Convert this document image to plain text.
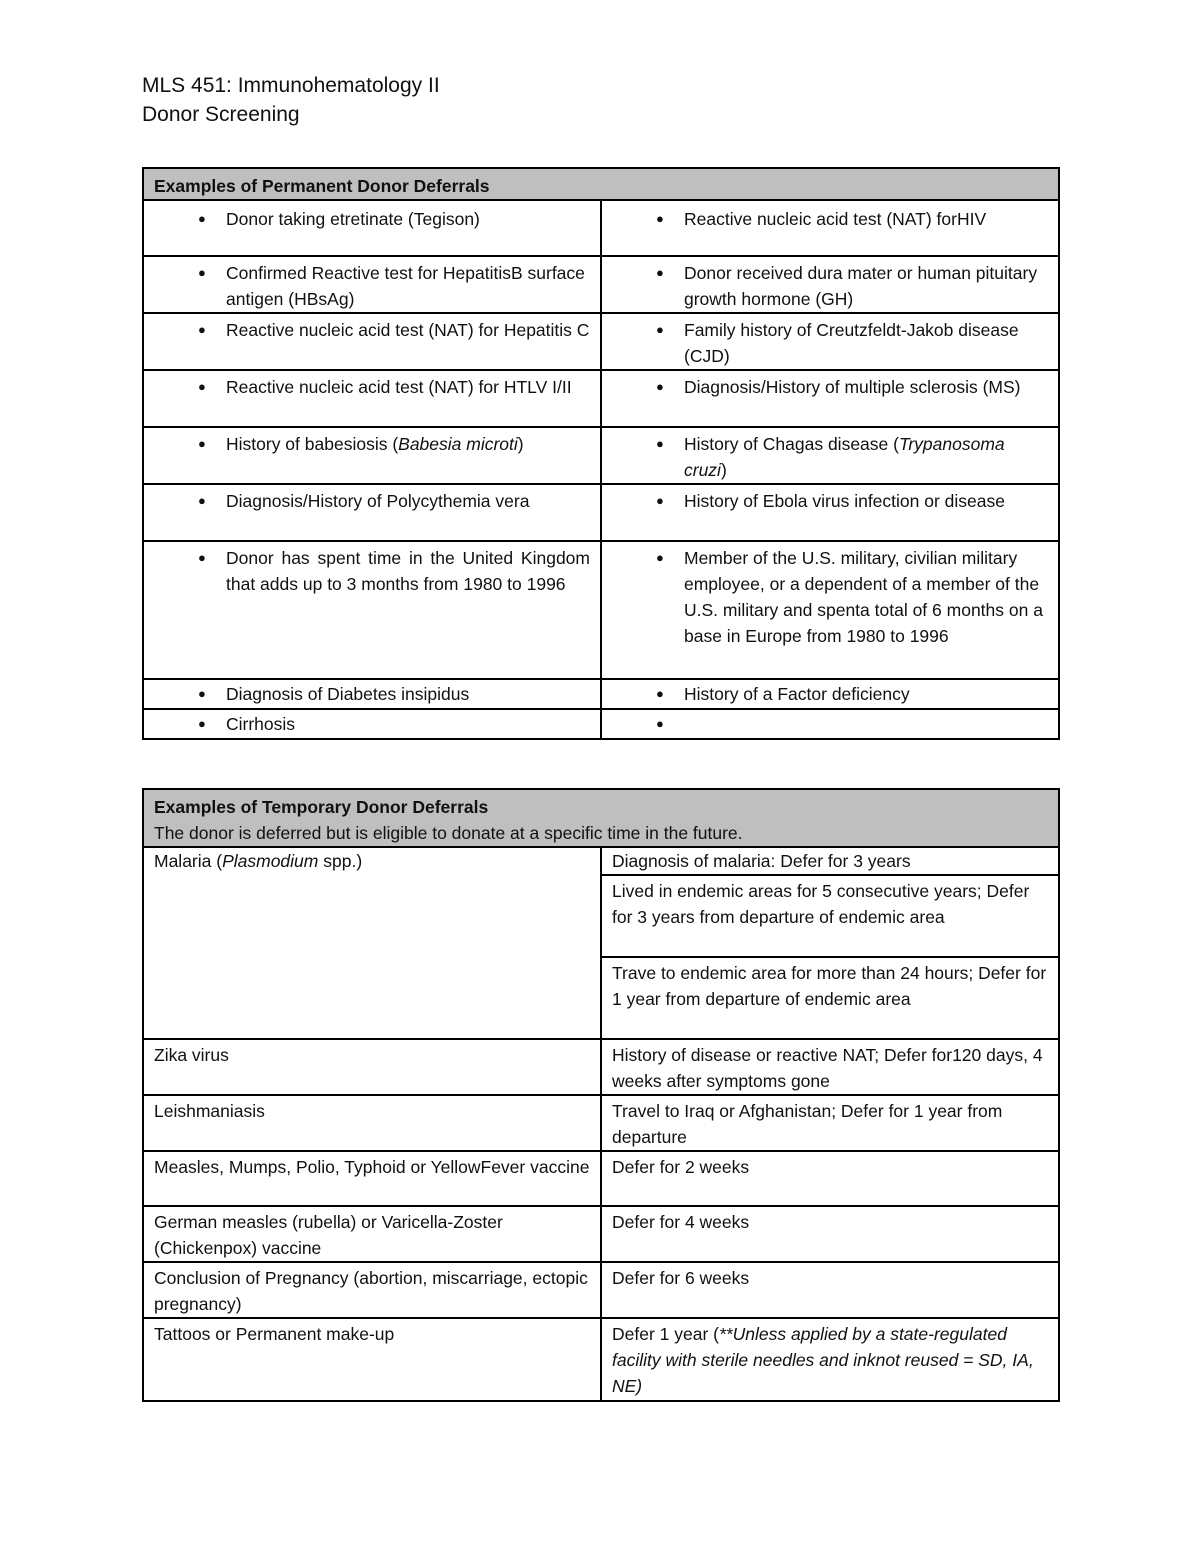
MLS 451: Immunohematology II
Donor Screening
Examples of Permanent Donor Deferrals	

● Donor taking etretinate (Tegison)	● Reactive nucleic acid test (NAT) forHIV

● Confirmed Reactive test for HepatitisB surface antigen (HBsAg)	● Donor received dura mater or human pituitary growth hormone (GH)

● Reactive nucleic acid test (NAT) for Hepatitis C	● Family history of Creutzfeldt-Jakob disease (CJD)

● Reactive nucleic acid test (NAT) for HTLV I/II	● Diagnosis/History of multiple sclerosis (MS)

● History of babesiosis (Babesia microti)	● History of Chagas disease (Trypanosoma cruzi)

● Diagnosis/History of Polycythemia vera	● History of Ebola virus infection or disease

● Donor has spent time in the United Kingdom that adds up to 3 months from 1980 to 1996	● Member of the U.S. military, civilian military employee, or a dependent of a member of the U.S. military and spenta total of 6 months on a base in Europe from 1980 to 1996

● Diagnosis of Diabetes insipidus	● History of a Factor deficiency

● Cirrhosis

Examples of Temporary Donor Deferrals
The donor is deferred but is eligible to donate at a specific time in the future.	

Malaria (Plasmodium spp.)	Diagnosis of malaria: Defer for 3 years
	Lived in endemic areas for 5 consecutive years; Defer for 3 years from departure of endemic area
	Trave to endemic area for more than 24 hours; Defer for 1 year from departure of endemic area
Zika virus	History of disease or reactive NAT; Defer for120 days, 4 weeks after symptoms gone
Leishmaniasis	Travel to Iraq or Afghanistan; Defer for 1 year from departure
Measles, Mumps, Polio, Typhoid or YellowFever vaccine	Defer for 2 weeks
German measles (rubella) or Varicella-Zoster (Chickenpox) vaccine	Defer for 4 weeks
Conclusion of Pregnancy (abortion, miscarriage, ectopic pregnancy)	Defer for 6 weeks
Tattoos or Permanent make-up	Defer 1 year (**Unless applied by a state-regulated facility with sterile needles and inknot reused = SD, IA, NE)
